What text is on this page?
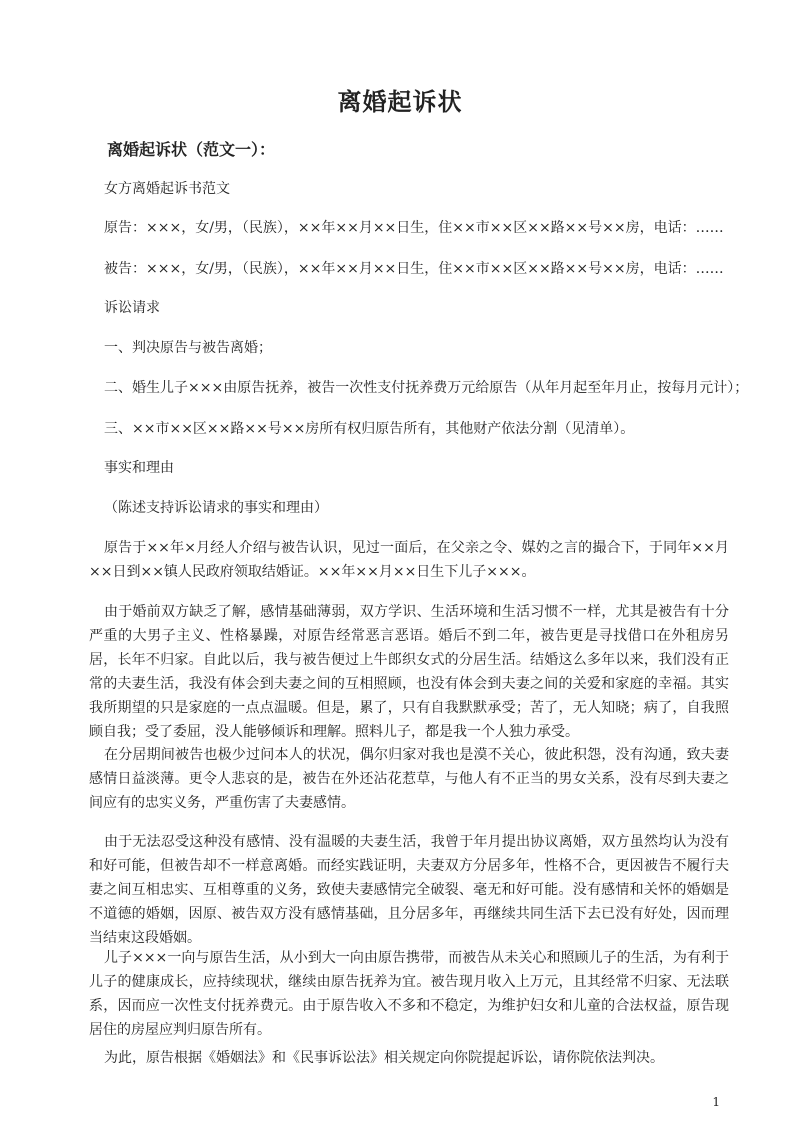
离婚起诉状
离婚起诉状（范文一）：

女方离婚起诉书范文

原告：×××，女/男，（民族），××年××月××日生，住××市××区××路××号××房，电话：……

被告：×××，女/男，（民族），××年××月××日生，住××市××区××路××号××房，电话：……

诉讼请求

一、判决原告与被告离婚；

二、婚生儿子×××由原告抚养，被告一次性支付抚养费万元给原告（从年月起至年月止，按每月元计）；

三、××市××区××路××号××房所有权归原告所有，其他财产依法分割（见清单）。

事实和理由

（陈述支持诉讼请求的事实和理由）

原告于××年×月经人介绍与被告认识，见过一面后，在父亲之令、媒妁之言的撮合下，于同年××月××日到××镇人民政府领取结婚证。××年××月××日生下儿子×××。

由于婚前双方缺乏了解，感情基础薄弱，双方学识、生活环境和生活习惯不一样，尤其是被告有十分严重的大男子主义、性格暴躁，对原告经常恶言恶语。婚后不到二年，被告更是寻找借口在外租房另居，长年不归家。自此以后，我与被告便过上牛郎织女式的分居生活。结婚这么多年以来，我们没有正常的夫妻生活，我没有体会到夫妻之间的互相照顾，也没有体会到夫妻之间的关爱和家庭的幸福。其实我所期望的只是家庭的一点点温暖。但是，累了，只有自我默默承受；苦了，无人知晓；病了，自我照顾自我；受了委屈，没人能够倾诉和理解。照料儿子，都是我一个人独力承受。

在分居期间被告也极少过问本人的状况，偶尔归家对我也是漠不关心，彼此积怨，没有沟通，致夫妻感情日益淡薄。更令人悲哀的是，被告在外还沾花惹草，与他人有不正当的男女关系，没有尽到夫妻之间应有的忠实义务，严重伤害了夫妻感情。

由于无法忍受这种没有感情、没有温暖的夫妻生活，我曾于年月提出协议离婚，双方虽然均认为没有和好可能，但被告却不一样意离婚。而经实践证明，夫妻双方分居多年，性格不合，更因被告不履行夫妻之间互相忠实、互相尊重的义务，致使夫妻感情完全破裂、毫无和好可能。没有感情和关怀的婚姻是不道德的婚姻，因原、被告双方没有感情基础，且分居多年，再继续共同生活下去已没有好处，因而理当结束这段婚姻。

儿子×××一向与原告生活，从小到大一向由原告携带，而被告从未关心和照顾儿子的生活，为有利于儿子的健康成长，应持续现状，继续由原告抚养为宜。被告现月收入上万元，且其经常不归家、无法联系，因而应一次性支付抚养费元。由于原告收入不多和不稳定，为维护妇女和儿童的合法权益，原告现居住的房屋应判归原告所有。

为此，原告根据《婚姻法》和《民事诉讼法》相关规定向你院提起诉讼，请你院依法判决。

1
